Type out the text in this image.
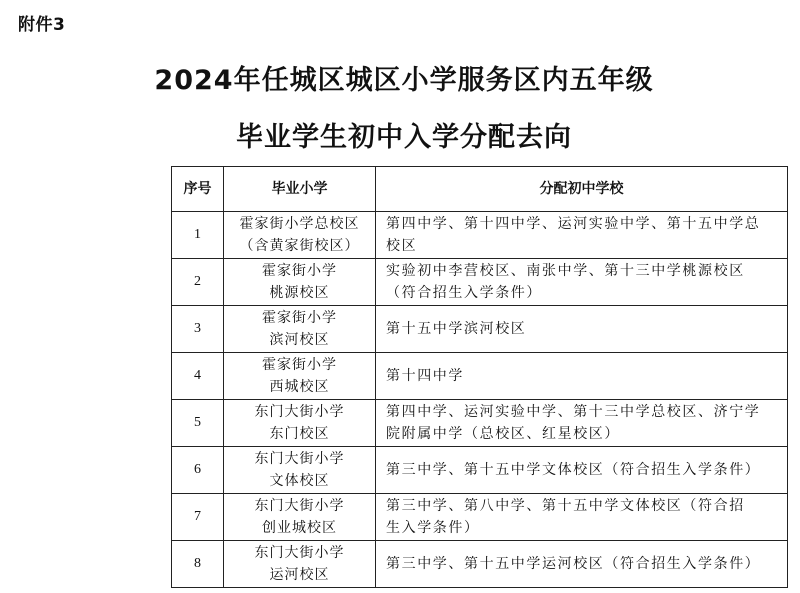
附件3
2024年任城区城区小学服务区内五年级
毕业学生初中入学分配去向
序号	毕业小学	分配初中学校
1	霍家街小学总校区
（含黄家街校区）	第四中学、第十四中学、运河实验中学、第十五中学总
校区

2	霍家街小学
桃源校区	实验初中李营校区、南张中学、第十三中学桃源校区
（符合招生入学条件）

3	霍家街小学
滨河校区	第十五中学滨河校区

4	霍家街小学
西城校区	第十四中学

5	东门大街小学
东门校区	第四中学、运河实验中学、第十三中学总校区、济宁学
院附属中学（总校区、红星校区）

6	东门大街小学
文体校区	第三中学、第十五中学文体校区（符合招生入学条件）

7	东门大街小学
创业城校区	第三中学、第八中学、第十五中学文体校区（符合招
生入学条件）

8	东门大街小学
运河校区	第三中学、第十五中学运河校区（符合招生入学条件）
